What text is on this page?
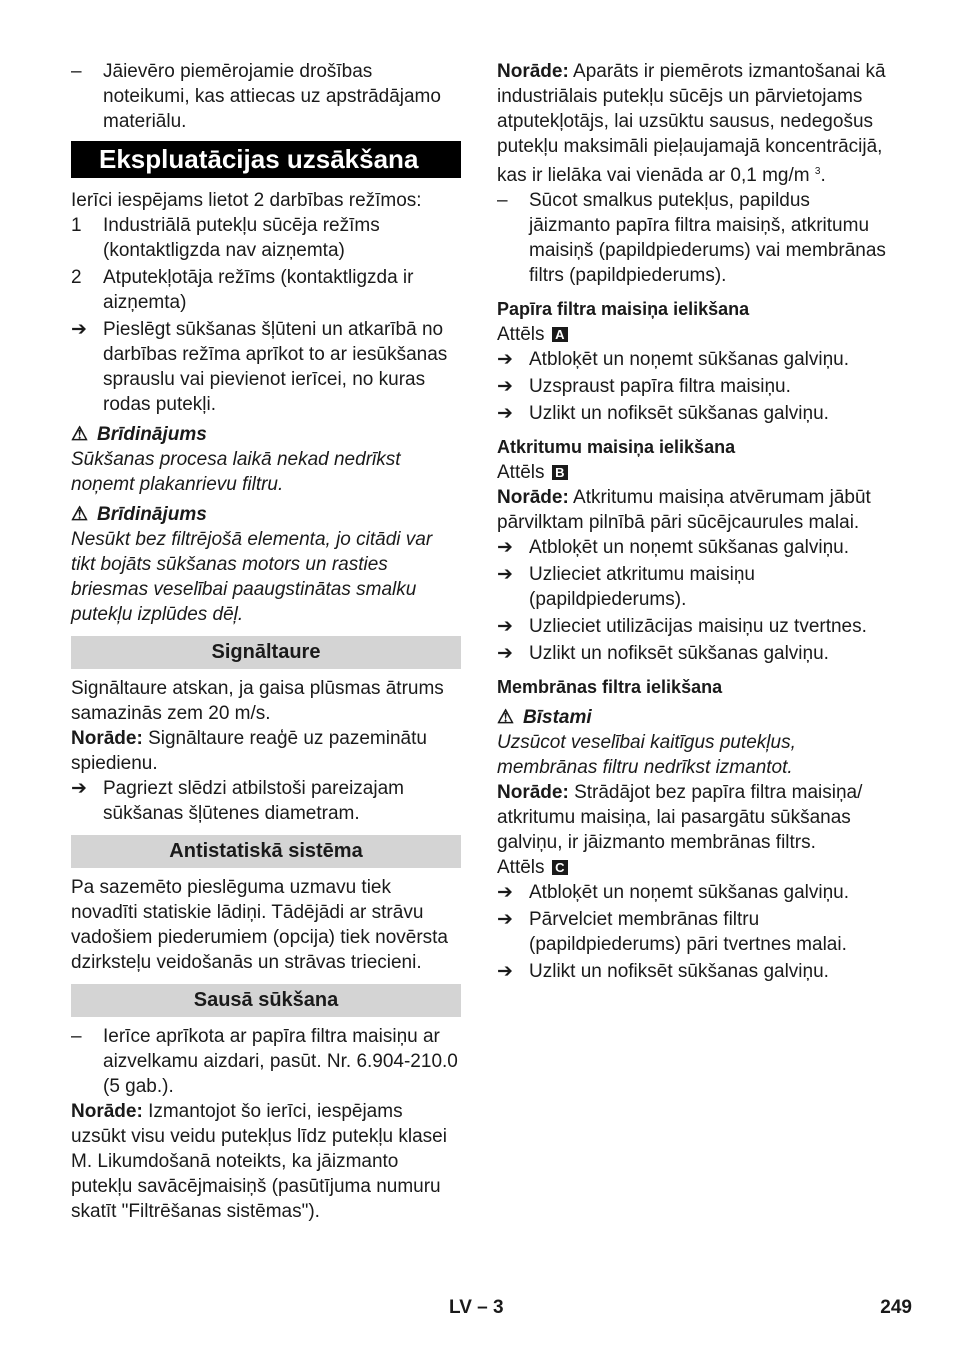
– Jāievēro piemērojamie drošības noteikumi, kas attiecas uz apstrādājamo materiālu.

Ekspluatācijas uzsākšana

Ierīci iespējams lietot 2 darbības režīmos:

1 Industriālā putekļu sūcēja režīms (kontaktligzda nav aizņemta)

2 Atputekļotāja režīms (kontaktligzda ir aizņemta)

➔ Pieslēgt sūkšanas šļūteni un atkarībā no darbības režīma aprīkot to ar iesūkšanas sprauslu vai pievienot ierīcei, no kuras rodas putekļi.

⚠ Brīdinājums

Sūkšanas procesa laikā nekad nedrīkst noņemt plakanrievu filtru.

⚠ Brīdinājums

Nesūkt bez filtrējošā elementa, jo citādi var tikt bojāts sūkšanas motors un rasties briesmas veselībai paaugstinātas smalku putekļu izplūdes dēļ.

Signāltaure

Signāltaure atskan, ja gaisa plūsmas ātrums samazinās zem 20 m/s.

Norāde: Signāltaure reaģē uz pazeminātu spiedienu.

➔ Pagriezt slēdzi atbilstoši pareizajam sūkšanas šļūtenes diametram.

Antistatiskā sistēma

Pa sazemēto pieslēguma uzmavu tiek novadīti statiskie lādiņi. Tādējādi ar strāvu vadošiem piederumiem (opcija) tiek novērsta dzirksteļu veidošanās un strāvas triecieni.

Sausā sūkšana

– Ierīce aprīkota ar papīra filtra maisiņu ar aizvelkamu aizdari, pasūt. Nr. 6.904-210.0 (5 gab.).

Norāde: Izmantojot šo ierīci, iespējams uzsūkt visu veidu putekļus līdz putekļu klasei M. Likumdošanā noteikts, ka jāizmanto putekļu savācējmaisiņš (pasūtījuma numuru skatīt "Filtrēšanas sistēmas").

Norāde: Aparāts ir piemērots izmantošanai kā industriālais putekļu sūcējs un pārvietojams atputekļotājs, lai uzsūktu sausus, nedegošus putekļu maksimāli pieļaujamajā koncentrācijā, kas ir lielāka vai vienāda ar 0,1 mg/m $^3$.

– Sūcot smalkus putekļus, papildus jāizmanto papīra filtra maisiņš, atkritumu maisiņš (papildpiederums) vai membrānas filtrs (papildpiederums).

Papīra filtra maisiņa ielikšana

Attēls A

➔ Atbloķēt un noņemt sūkšanas galviņu.

➔ Uzspraust papīra filtra maisiņu.

➔ Uzlikt un nofiksēt sūkšanas galviņu.

Atkritumu maisiņa ielikšana

Attēls B

Norāde: Atkritumu maisiņa atvērumam jābūt pārvilktam pilnībā pāri sūcējcaurules malai.

➔ Atbloķēt un noņemt sūkšanas galviņu.

➔ Uzlieciet atkritumu maisiņu (papildpiederums).

➔ Uzlieciet utilizācijas maisiņu uz tvertnes.

➔ Uzlikt un nofiksēt sūkšanas galviņu.

Membrānas filtra ielikšana

⚠ Bīstami

Uzsūcot veselībai kaitīgus putekļus, membrānas filtru nedrīkst izmantot.

Norāde: Strādājot bez papīra filtra maisiņa/ atkritumu maisiņa, lai pasargātu sūkšanas galviņu, ir jāizmanto membrānas filtrs.

Attēls C

➔ Atbloķēt un noņemt sūkšanas galviņu.

➔ Pārvelciet membrānas filtru (papildpiederums) pāri tvertnes malai.

➔ Uzlikt un nofiksēt sūkšanas galviņu.

LV – 3	249
